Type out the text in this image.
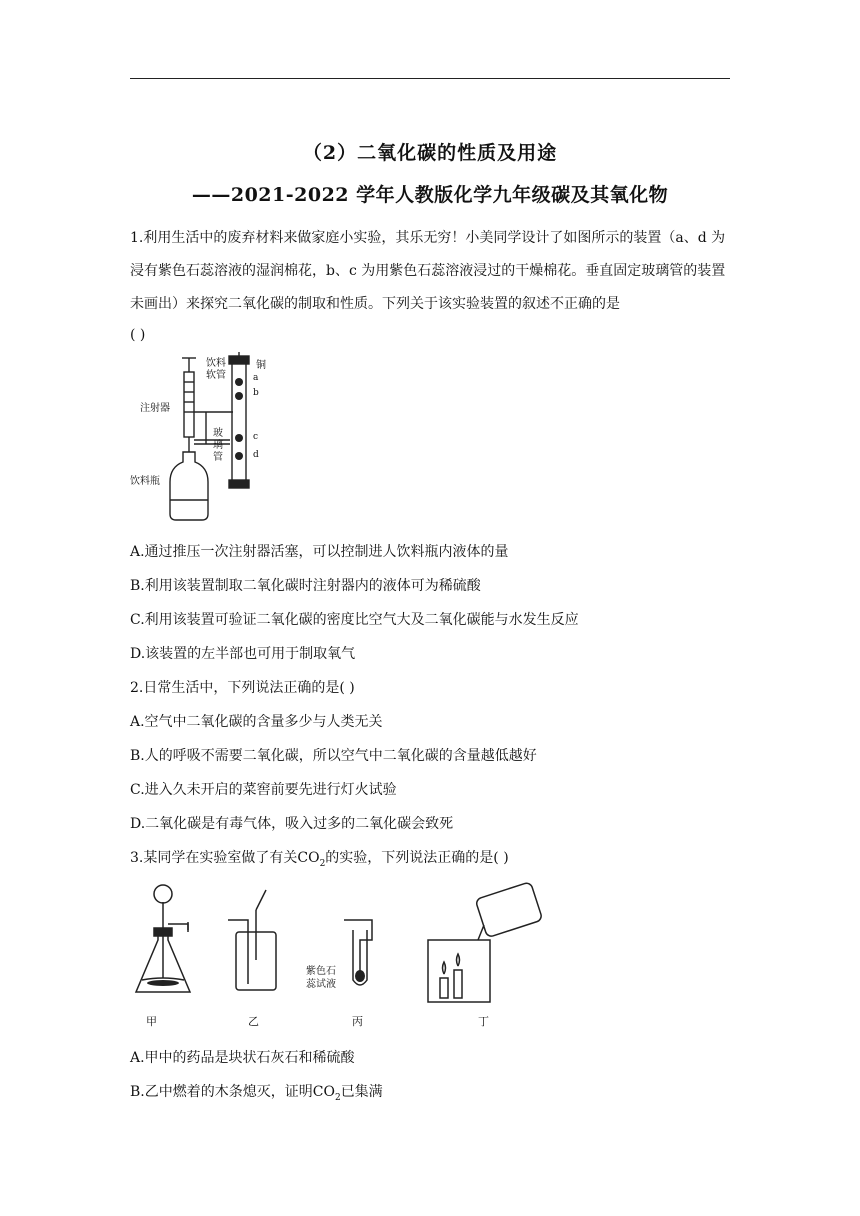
（2）二氧化碳的性质及用途
——2021-2022 学年人教版化学九年级碳及其氧化物
1.利用生活中的废弃材料来做家庭小实验，其乐无穷！小美同学设计了如图所示的装置（a、d 为浸有紫色石蕊溶液的湿润棉花，b、c 为用紫色石蕊溶液浸过的干燥棉花。垂直固定玻璃管的装置未画出）来探究二氧化碳的制取和性质。下列关于该实验装置的叙述不正确的是
( )
注射器
饮料
软管
铜
玻
璃
管
饮料瓶
a
b
c
d
A.通过推压一次注射器活塞，可以控制进人饮料瓶内液体的量
B.利用该装置制取二氧化碳时注射器内的液体可为稀硫酸
C.利用该装置可验证二氧化碳的密度比空气大及二氧化碳能与水发生反应
D.该装置的左半部也可用于制取氧气
2.日常生活中，下列说法正确的是( )
A.空气中二氧化碳的含量多少与人类无关
B.人的呼吸不需要二氧化碳，所以空气中二氧化碳的含量越低越好
C.进入久未开启的菜窖前要先进行灯火试验
D.二氧化碳是有毒气体，吸入过多的二氧化碳会致死
3.某同学在实验室做了有关$CO_2$的实验，下列说法正确的是( )
甲	乙	丙	丁
紫色石
蕊试液
A.甲中的药品是块状石灰石和稀硫酸
B.乙中燃着的木条熄灭，证明$CO_2$已集满
